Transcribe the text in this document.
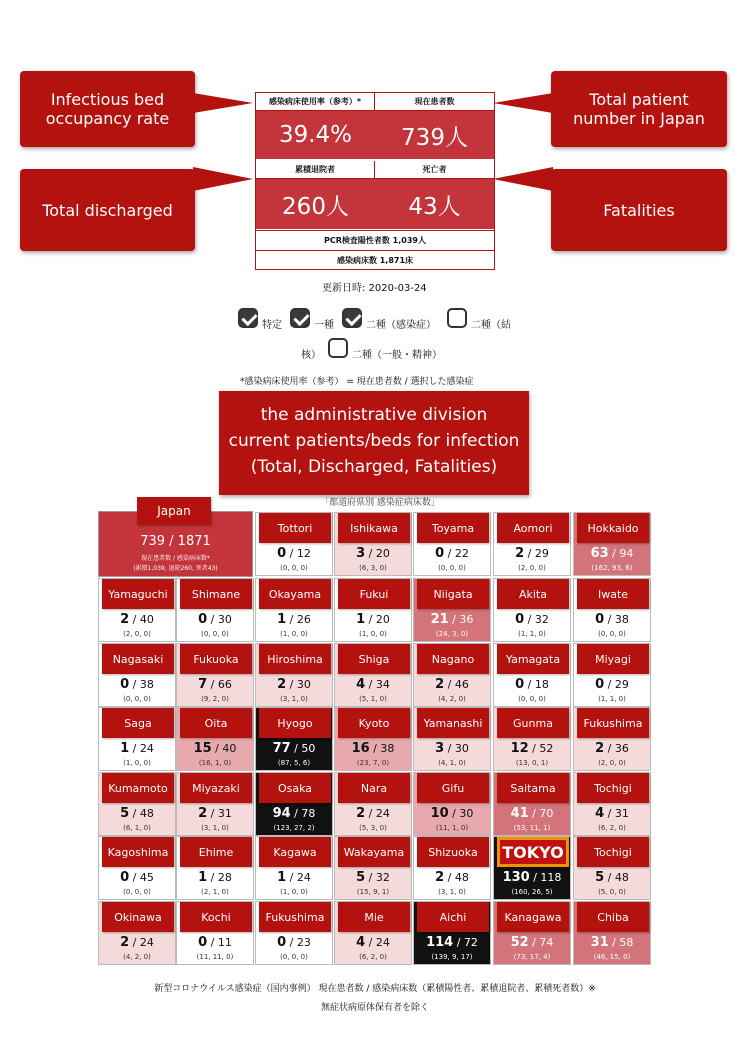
Infectious bed occupancy rate
Total patient number in Japan
Total discharged	Fatalities
感染病床使用率（参考）*	現在患者数
39.4%	739人
累積退院者	死亡者
260人	43人
PCR検査陽性者数 1,039人
感染病床数 1,871床
更新日時: 2020-03-24
特定	一種	二種（感染症）	二種（結
核）	二種（一般・精神）
*感染病床使用率（参考） = 現在患者数 / 選択した感染症
the administrative division
current patients/beds for infection
(Total, Discharged, Fatalities)
「都道府県別 感染症病床数」
Japan
739 / 1871
現在患者数 / 感染病床数*
(累積1,039, 退院260, 死者43)
Tottori
0 / 12
(0, 0, 0)
Ishikawa
3 / 20
(6, 3, 0)
Toyama
0 / 22
(0, 0, 0)
Aomori
2 / 29
(2, 0, 0)
Hokkaido
63 / 94
(162, 93, 6)
Yamaguchi
2 / 40
(2, 0, 0)
Shimane
0 / 30
(0, 0, 0)
Okayama
1 / 26
(1, 0, 0)
Fukui
1 / 20
(1, 0, 0)
Niigata
21 / 36
(24, 3, 0)
Akita
0 / 32
(1, 1, 0)
Iwate
0 / 38
(0, 0, 0)
Nagasaki
0 / 38
(0, 0, 0)
Fukuoka
7 / 66
(9, 2, 0)
Hiroshima
2 / 30
(3, 1, 0)
Shiga
4 / 34
(5, 1, 0)
Nagano
2 / 46
(4, 2, 0)
Yamagata
0 / 18
(0, 0, 0)
Miyagi
0 / 29
(1, 1, 0)
Saga
1 / 24
(1, 0, 0)
Oita
15 / 40
(16, 1, 0)
Hyogo
77 / 50
(87, 5, 6)
Kyoto
16 / 38
(23, 7, 0)
Yamanashi
3 / 30
(4, 1, 0)
Gunma
12 / 52
(13, 0, 1)
Fukushima
2 / 36
(2, 0, 0)
Kumamoto
5 / 48
(6, 1, 0)
Miyazaki
2 / 31
(3, 1, 0)
Osaka
94 / 78
(123, 27, 2)
Nara
2 / 24
(5, 3, 0)
Gifu
10 / 30
(11, 1, 0)
Saitama
41 / 70
(53, 11, 1)
Tochigi
4 / 31
(6, 2, 0)
Kagoshima
0 / 45
(0, 0, 0)
Ehime
1 / 28
(2, 1, 0)
Kagawa
1 / 24
(1, 0, 0)
Wakayama
5 / 32
(15, 9, 1)
Shizuoka
2 / 48
(3, 1, 0)
TOKYO
130 / 118
(160, 26, 5)
Tochigi
5 / 48
(5, 0, 0)
Okinawa
2 / 24
(4, 2, 0)
Kochi
0 / 11
(11, 11, 0)
Fukushima
0 / 23
(0, 0, 0)
Mie
4 / 24
(6, 2, 0)
Aichi
114 / 72
(139, 9, 17)
Kanagawa
52 / 74
(73, 17, 4)
Chiba
31 / 58
(46, 15, 0)
新型コロナウイルス感染症（国内事例） 現在患者数 / 感染病床数（累積陽性者、累積退院者、累積死者数）※
無症状病原体保有者を除く
